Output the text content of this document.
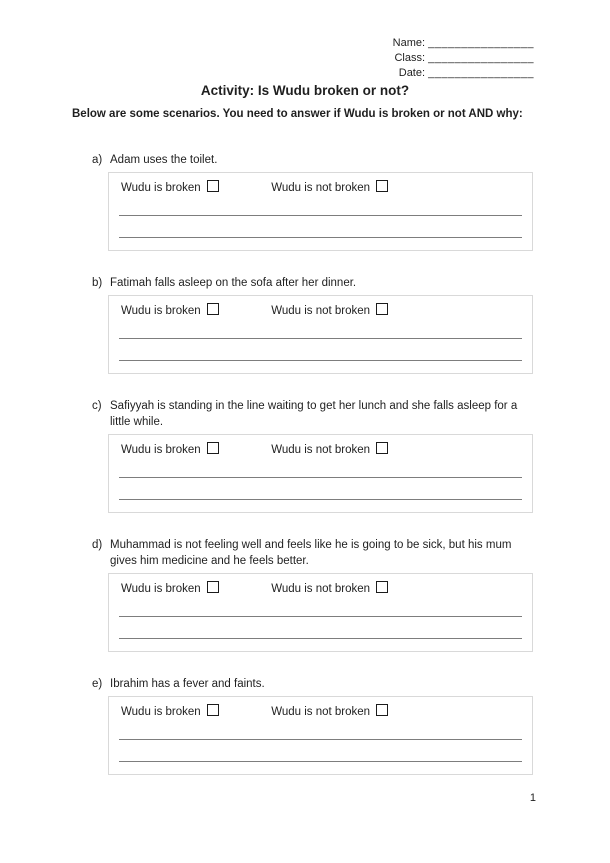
Name: ________________
Class: ________________
Date: ________________
Activity: Is Wudu broken or not?
Below are some scenarios. You need to answer if Wudu is broken or not AND why:
a) Adam uses the toilet.
Wudu is broken	Wudu is not broken
b) Fatimah falls asleep on the sofa after her dinner.
Wudu is broken	Wudu is not broken
c) Safiyyah is standing in the line waiting to get her lunch and she falls asleep for a little while.
Wudu is broken	Wudu is not broken
d) Muhammad is not feeling well and feels like he is going to be sick, but his mum gives him medicine and he feels better.
Wudu is broken	Wudu is not broken
e) Ibrahim has a fever and faints.
Wudu is broken	Wudu is not broken
1
